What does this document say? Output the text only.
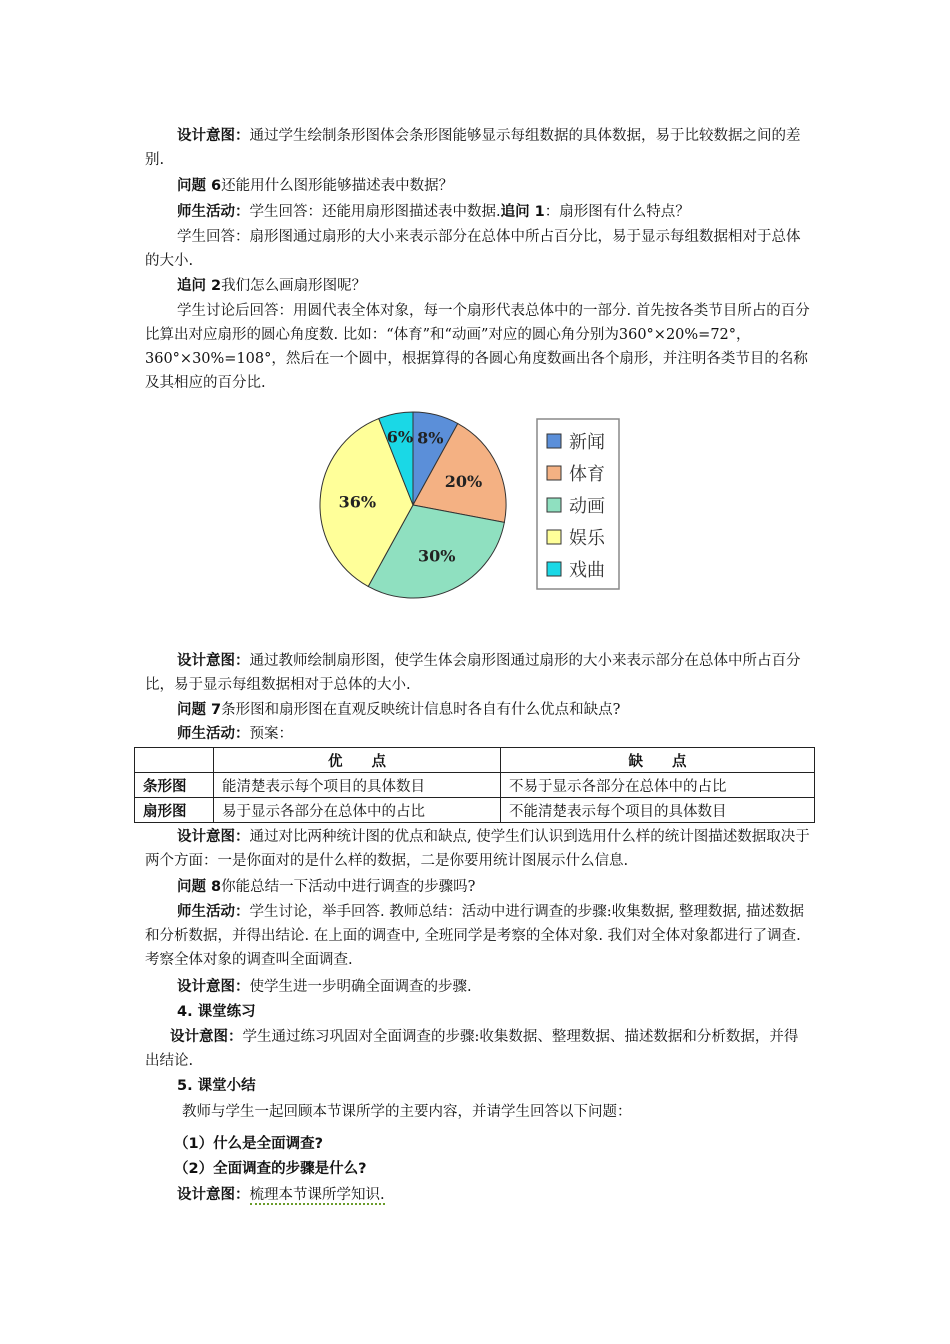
设计意图：通过学生绘制条形图体会条形图能够显示每组数据的具体数据，易于比较数据之间的差别.

问题 6还能用什么图形能够描述表中数据？

师生活动：学生回答：还能用扇形图描述表中数据.追问 1：扇形图有什么特点？

学生回答：扇形图通过扇形的大小来表示部分在总体中所占百分比，易于显示每组数据相对于总体的大小.

追问 2我们怎么画扇形图呢？

学生讨论后回答：用圆代表全体对象，每一个扇形代表总体中的一部分. 首先按各类节目所占的百分比算出对应扇形的圆心角度数. 比如：“体育”和“动画”对应的圆心角分别为360°×20%=72°，360°×30%=108°，然后在一个圆中，根据算得的各圆心角度数画出各个扇形，并注明各类节目的名称及其相应的百分比.

8%
20%
30%
36%
6%	新闻
体育
动画
娱乐
戏曲

设计意图：通过教师绘制扇形图，使学生体会扇形图通过扇形的大小来表示部分在总体中所占百分比，易于显示每组数据相对于总体的大小.

问题 7条形图和扇形图在直观反映统计信息时各自有什么优点和缺点?

师生活动：预案：

	优　　点	缺　　点
条形图	能清楚表示每个项目的具体数目	不易于显示各部分在总体中的占比
扇形图	易于显示各部分在总体中的占比	不能清楚表示每个项目的具体数目

设计意图：通过对比两种统计图的优点和缺点, 使学生们认识到选用什么样的统计图描述数据取决于两个方面：一是你面对的是什么样的数据，二是你要用统计图展示什么信息.

问题 8你能总结一下活动中进行调查的步骤吗?

师生活动：学生讨论，举手回答. 教师总结：活动中进行调查的步骤:收集数据, 整理数据, 描述数据和分析数据，并得出结论. 在上面的调查中, 全班同学是考察的全体对象. 我们对全体对象都进行了调查. 考察全体对象的调查叫全面调查.

设计意图：使学生进一步明确全面调查的步骤.

4. 课堂练习

设计意图：学生通过练习巩固对全面调查的步骤:收集数据、整理数据、描述数据和分析数据，并得出结论.

5. 课堂小结
教师与学生一起回顾本节课所学的主要内容，并请学生回答以下问题：
（1）什么是全面调查?
（2）全面调查的步骤是什么?
设计意图：梳理本节课所学知识.
